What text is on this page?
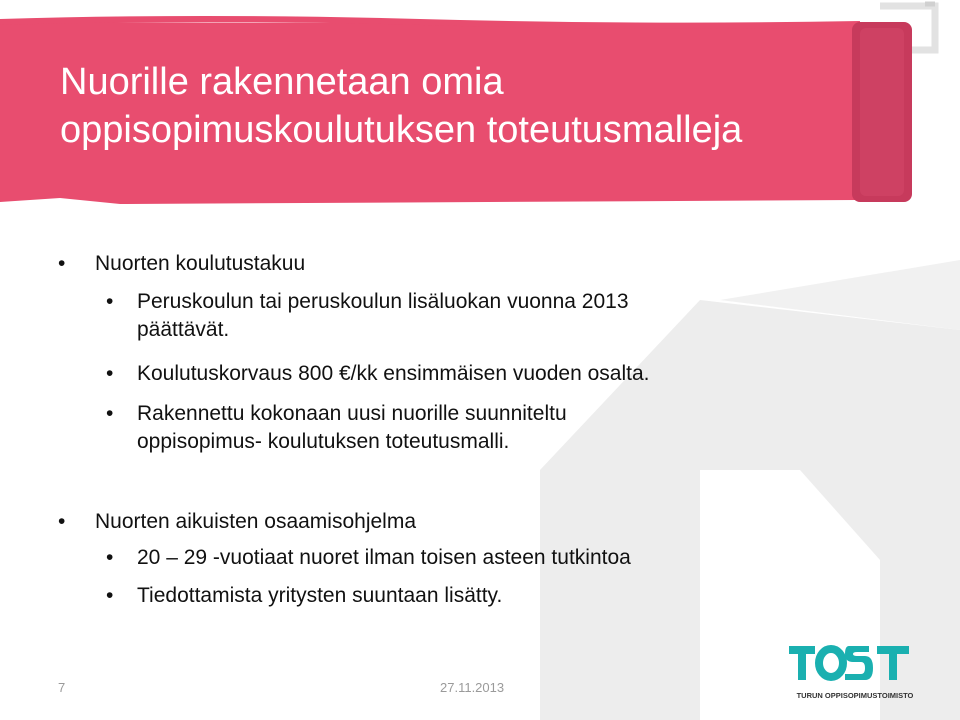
Nuorille rakennetaan omia
oppisopimuskoulutuksen toteutusmalleja
• Nuorten koulutustakuu
• Peruskoulun tai peruskoulun lisäluokan vuonna 2013
päättävät.
• Koulutuskorvaus 800 €/kk ensimmäisen vuoden osalta.
• Rakennettu kokonaan uusi nuorille suunniteltu
oppisopimus- koulutuksen toteutusmalli.
• Nuorten aikuisten osaamisohjelma
• 20 – 29 -vuotiaat nuoret ilman toisen asteen tutkintoa
• Tiedottamista yritysten suuntaan lisätty.
7	27.11.2013
TURUN OPPISOPIMUSTOIMISTO
